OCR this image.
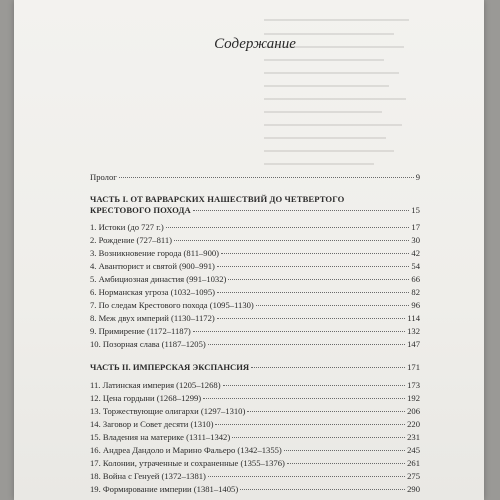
Содержание
Пролог	9
ЧАСТЬ I. ОТ ВАРВАРСКИХ НАШЕСТВИЙ ДО ЧЕТВЕРТОГО
КРЕСТОВОГО ПОХОДА	15
1. Истоки (до 727 г.)	17
2. Рождение (727–811)	30
3. Возникновение города (811–900)	42
4. Авантюрист и святой (900–991)	54
5. Амбициозная династия (991–1032)	66
6. Норманская угроза (1032–1095)	82
7. По следам Крестового похода (1095–1130)	96
8. Меж двух империй (1130–1172)	114
9. Примирение (1172–1187)	132
10. Позорная слава (1187–1205)	147
ЧАСТЬ II. ИМПЕРСКАЯ ЭКСПАНСИЯ	171
11. Латинская империя (1205–1268)	173
12. Цена гордыни (1268–1299)	192
13. Торжествующие олигархи (1297–1310)	206
14. Заговор и Совет десяти (1310)	220
15. Владения на материке (1311–1342)	231
16. Андреа Дандоло и Марино Фальеро (1342–1355)	245
17. Колонии, утраченные и сохраненные (1355–1376)	261
18. Война с Генуей (1372–1381)	275
19. Формирование империи (1381–1405)	290
